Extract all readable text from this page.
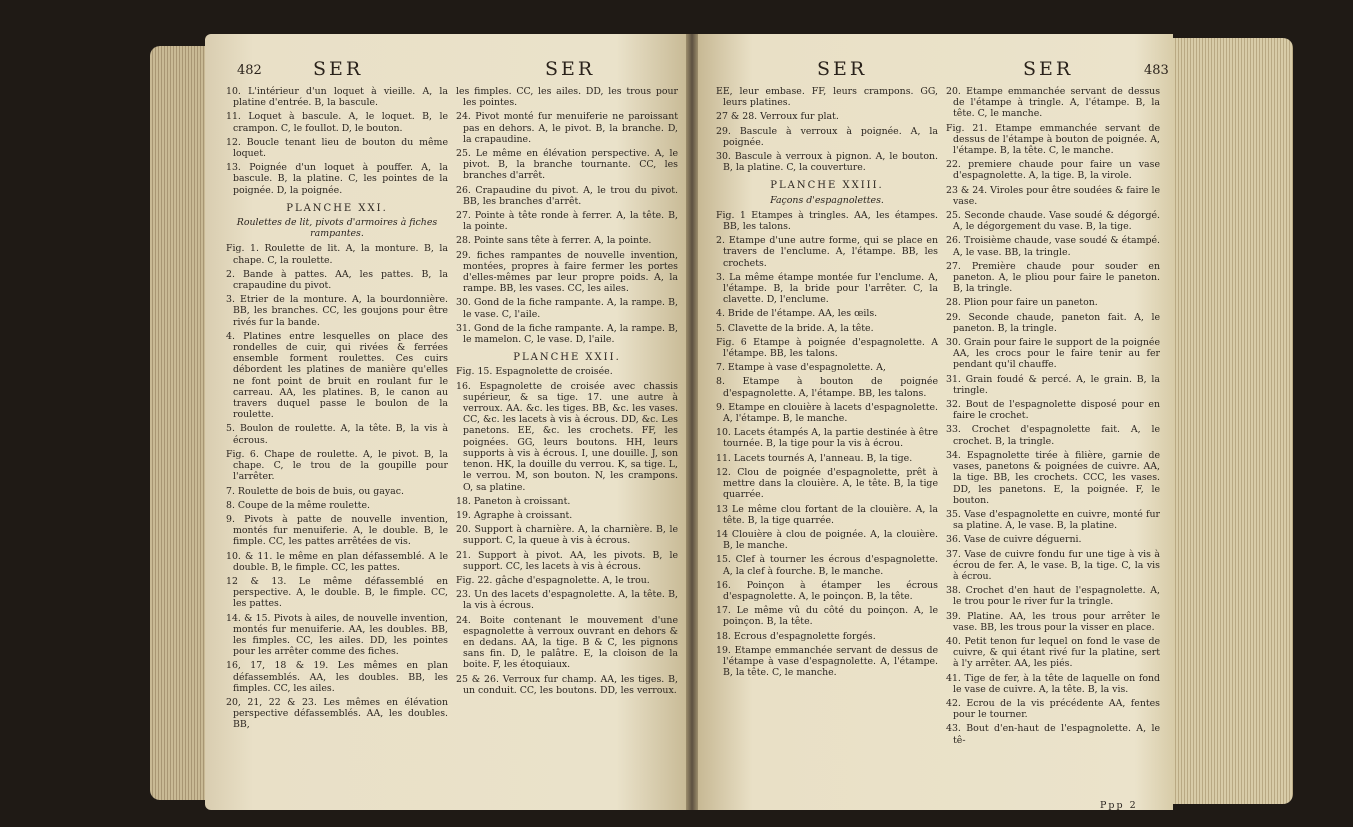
482	SER	SER	SER	SER	483

10. L'intérieur d'un loquet à vieille. A, la platine d'entrée. B, la bascule.

11. Loquet à bascule. A, le loquet. B, le crampon. C, le foullot. D, le bouton.

12. Boucle tenant lieu de bouton du même loquet.

13. Poignée d'un loquet à pouffer. A, la bascule. B, la platine. C, les pointes de la poignée. D, la poignée.

PLANCHE XXI.

Roulettes de lit, pivots d'armoires à fiches rampantes.

Fig. 1. Roulette de lit. A, la monture. B, la chape. C, la roulette.

2. Bande à pattes. AA, les pattes. B, la crapaudine du pivot.

3. Etrier de la monture. A, la bourdonnière. BB, les branches. CC, les goujons pour être rivés fur la bande.

4. Platines entre lesquelles on place des rondelles de cuir, qui rivées & ferrées ensemble forment roulettes. Ces cuirs débordent les platines de manière qu'elles ne font point de bruit en roulant fur le carreau. AA, les platines. B, le canon au travers duquel passe le boulon de la roulette.

5. Boulon de roulette. A, la tête. B, la vis à écrous.

Fig. 6. Chape de roulette. A, le pivot. B, la chape. C, le trou de la goupille pour l'arrêter.

7. Roulette de bois de buis, ou gayac.

8. Coupe de la même roulette.

9. Pivots à patte de nouvelle invention, montés fur menuiferie. A, le double. B, le fimple. CC, les pattes arrêtées de vis.

10. & 11. le même en plan défassemblé. A le double. B, le fimple. CC, les pattes.

12 & 13. Le même défassemblé en perspective. A, le double. B, le fimple. CC, les pattes.

14. & 15. Pivots à ailes, de nouvelle invention, montés fur menuiferie. AA, les doubles. BB, les fimples. CC, les ailes. DD, les pointes pour les arrêter comme des fiches.

16, 17, 18 & 19. Les mêmes en plan défassemblés. AA, les doubles. BB, les fimples. CC, les ailes.

20, 21, 22 & 23. Les mêmes en élévation perspective défassemblés. AA, les doubles. BB,

les fimples. CC, les ailes. DD, les trous pour les pointes.

24. Pivot monté fur menuiferie ne paroissant pas en dehors. A, le pivot. B, la branche. D, la crapaudine.

25. Le même en élévation perspective. A, le pivot. B, la branche tournante. CC, les branches d'arrêt.

26. Crapaudine du pivot. A, le trou du pivot. BB, les branches d'arrêt.

27. Pointe à tête ronde à ferrer. A, la tête. B, la pointe.

28. Pointe sans tête à ferrer. A, la pointe.

29. fiches rampantes de nouvelle invention, montées, propres à faire fermer les portes d'elles-mêmes par leur propre poids. A, la rampe. BB, les vases. CC, les ailes.

30. Gond de la fiche rampante. A, la rampe. B, le vase. C, l'aile.

31. Gond de la fiche rampante. A, la rampe. B, le mamelon. C, le vase. D, l'aile.

PLANCHE XXII.

Fig. 15. Espagnolette de croisée.

16. Espagnolette de croisée avec chassis supérieur, & sa tige. 17. une autre à verroux. AA. &c. les tiges. BB, &c. les vases. CC, &c. les lacets à vis à écrous. DD, &c. Les panetons. EE, &c. les crochets. FF, les poignées. GG, leurs boutons. HH, leurs supports à vis à écrous. I, une douille. J, son tenon. HK, la douille du verrou. K, sa tige. L, le verrou. M, son bouton. N, les crampons. O, sa platine.

18. Paneton à croissant.

19. Agraphe à croissant.

20. Support à charnière. A, la charnière. B, le support. C, la queue à vis à écrous.

21. Support à pivot. AA, les pivots. B, le support. CC, les lacets à vis à écrous.

Fig. 22. gâche d'espagnolette. A, le trou.

23. Un des lacets d'espagnolette. A, la tête. B, la vis à écrous.

24. Boite contenant le mouvement d'une espagnolette à verroux ouvrant en dehors & en dedans. AA, la tige. B & C, les pignons sans fin. D, le palâtre. E, la cloison de la boite. F, les étoquiaux.

25 & 26. Verroux fur champ. AA, les tiges. B, un conduit. CC, les boutons. DD, les verroux.

EE, leur embase. FF, leurs crampons. GG, leurs platines.

27 & 28. Verroux fur plat.

29. Bascule à verroux à poignée. A, la poignée.

30. Bascule à verroux à pignon. A, le bouton. B, la platine. C, la couverture.

PLANCHE XXIII.

Façons d'espagnolettes.

Fig. 1 Etampes à tringles. AA, les étampes. BB, les talons.

2. Etampe d'une autre forme, qui se place en travers de l'enclume. A, l'étampe. BB, les crochets.

3. La même étampe montée fur l'enclume. A, l'étampe. B, la bride pour l'arrêter. C, la clavette. D, l'enclume.

4. Bride de l'étampe. AA, les œils.

5. Clavette de la bride. A, la tête.

Fig. 6 Etampe à poignée d'espagnolette. A l'étampe. BB, les talons.

7. Etampe à vase d'espagnolette. A,

8. Etampe à bouton de poignée d'espagnolette. A, l'étampe. BB, les talons.

9. Etampe en clouière à lacets d'espagnolette. A, l'étampe. B, le manche.

10. Lacets étampés A, la partie destinée à être tournée. B, la tige pour la vis à écrou.

11. Lacets tournés A, l'anneau. B, la tige.

12. Clou de poignée d'espagnolette, prêt à mettre dans la clouière. A, le tête. B, la tige quarrée.

13 Le même clou fortant de la clouière. A, la tête. B, la tige quarrée.

14 Clouière à clou de poignée. A, la clouière. B, le manche.

15. Clef à tourner les écrous d'espagnolette. A, la clef à fourche. B, le manche.

16. Poinçon à étamper les écrous d'espagnolette. A, le poinçon. B, la tête.

17. Le même vû du côté du poinçon. A, le poinçon. B, la tête.

18. Ecrous d'espagnolette forgés.

19. Etampe emmanchée servant de dessus de l'étampe à vase d'espagnolette. A, l'étampe. B, la tête. C, le manche.

20. Etampe emmanchée servant de dessus de l'étampe à tringle. A, l'étampe. B, la tête. C, le manche.

Fig. 21. Etampe emmanchée servant de dessus de l'étampe à bouton de poignée. A, l'étampe. B, la tête. C, le manche.

22. premiere chaude pour faire un vase d'espagnolette. A, la tige. B, la virole.

23 & 24. Viroles pour être soudées & faire le vase.

25. Seconde chaude. Vase soudé & dégorgé. A, le dégorgement du vase. B, la tige.

26. Troisième chaude, vase soudé & étampé. A, le vase. BB, la tringle.

27. Première chaude pour souder en paneton. A, le pliou pour faire le paneton. B, la tringle.

28. Plion pour faire un paneton.

29. Seconde chaude, paneton fait. A, le paneton. B, la tringle.

30. Grain pour faire le support de la poignée AA, les crocs pour le faire tenir au fer pendant qu'il chauffe.

31. Grain foudé & percé. A, le grain. B, la tringle.

32. Bout de l'espagnolette disposé pour en faire le crochet.

33. Crochet d'espagnolette fait. A, le crochet. B, la tringle.

34. Espagnolette tirée à filière, garnie de vases, panetons & poignées de cuivre. AA, la tige. BB, les crochets. CCC, les vases. DD, les panetons. E, la poignée. F, le bouton.

35. Vase d'espagnolette en cuivre, monté fur sa platine. A, le vase. B, la platine.

36. Vase de cuivre déguerni.

37. Vase de cuivre fondu fur une tige à vis à écrou de fer. A, le vase. B, la tige. C, la vis à écrou.

38. Crochet d'en haut de l'espagnolette. A, le trou pour le river fur la tringle.

39. Platine. AA, les trous pour arrêter le vase. BB, les trous pour la visser en place.

40. Petit tenon fur lequel on fond le vase de cuivre, & qui étant rivé fur la platine, sert à l'y arrêter. AA, les piés.

41. Tige de fer, à la tête de laquelle on fond le vase de cuivre. A, la tête. B, la vis.

42. Ecrou de la vis précédente AA, fentes pour le tourner.

43. Bout d'en-haut de l'espagnolette. A, le tê-

Ppp 2
